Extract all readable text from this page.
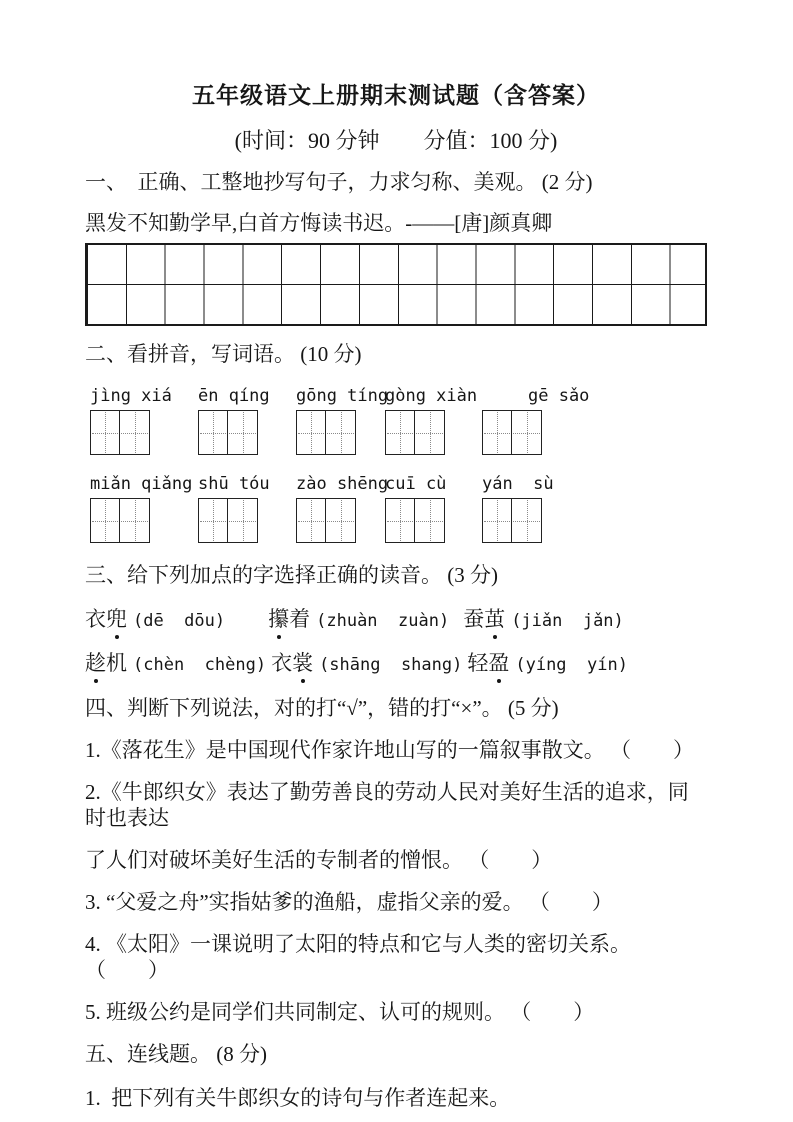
五年级语文上册期末测试题（含答案）
(时间：90 分钟　　分值：100 分)
一、  正确、工整地抄写句子，力求匀称、美观。 (2 分)
黑发不知勤学早,白首方悔读书迟。-——[唐]颜真卿
二、看拼音，写词语。 (10 分)
jìng xiá ēn qíng gōng tíng
gòng xiàn	gē sǎo
miǎn qiǎng shū tóu zào shēng
cuī cù yán  sù
三、给下列加点的字选择正确的读音。 (3 分)
衣兜 (dē  dōu) 攥着 (zhuàn  zuàn) 蚕茧 (jiǎn  jǎn)
趁机 (chèn  chèng) 衣裳 (shāng  shang) 轻盈 (yíng  yín)
四、判断下列说法，对的打“√”，错的打“×”。 (5 分)
1.《落花生》是中国现代作家许地山写的一篇叙事散文。 （　　）
2.《牛郎织女》表达了勤劳善良的劳动人民对美好生活的追求，同时也表达
了人们对破坏美好生活的专制者的憎恨。 （　　）
3. “父爱之舟”实指姑爹的渔船，虚指父亲的爱。 （　　）
4. 《太阳》一课说明了太阳的特点和它与人类的密切关系。 （　　）
5. 班级公约是同学们共同制定、认可的规则。 （　　）
五、连线题。 (8 分)
1.  把下列有关牛郎织女的诗句与作者连起来。
